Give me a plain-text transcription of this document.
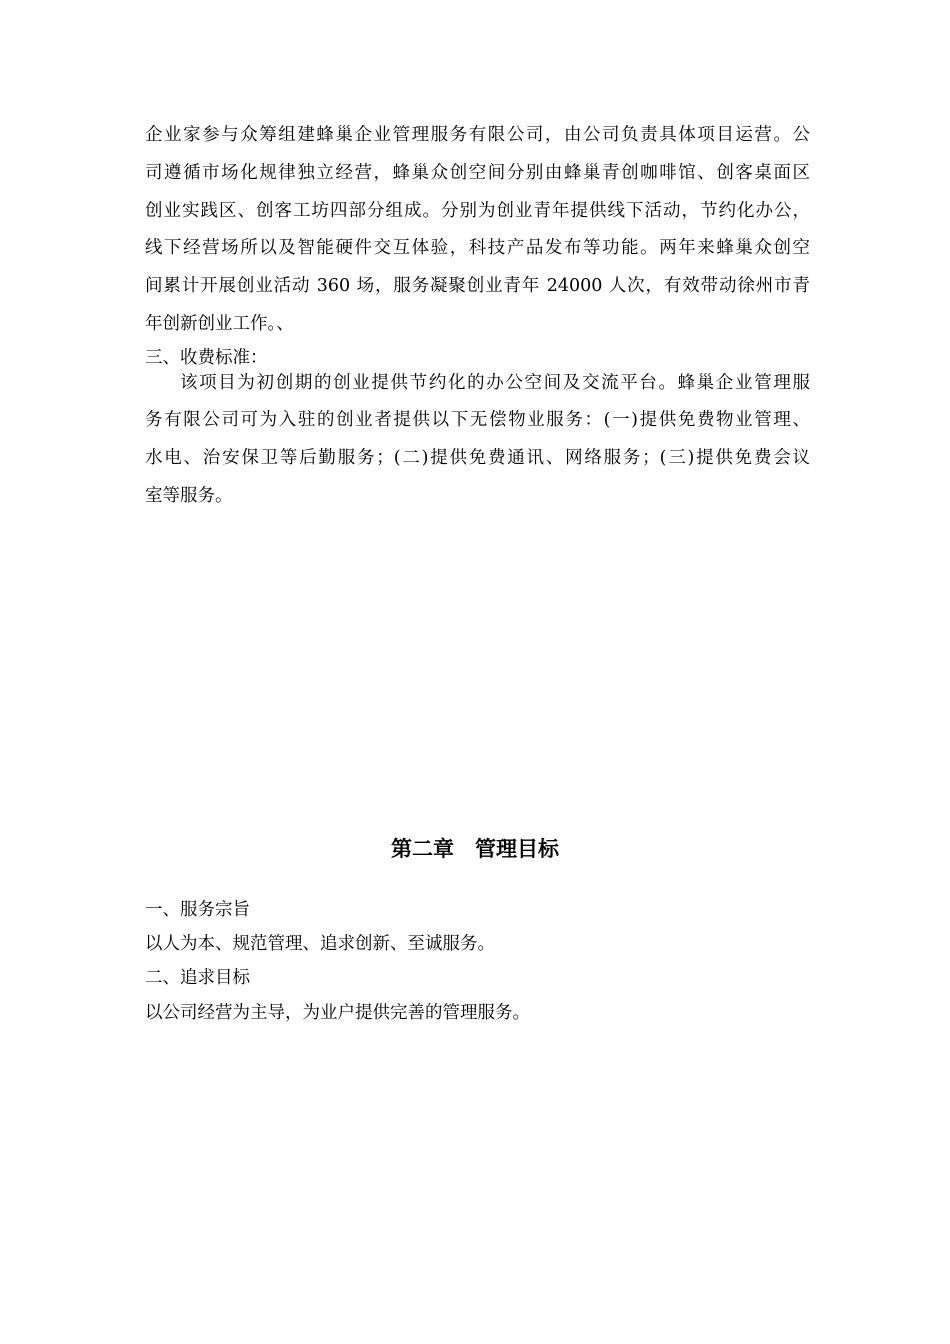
企业家参与众筹组建蜂巢企业管理服务有限公司，由公司负责具体项目运营。公
司遵循市场化规律独立经营，蜂巢众创空间分别由蜂巢青创咖啡馆、创客桌面区
创业实践区、创客工坊四部分组成。分别为创业青年提供线下活动，节约化办公，
线下经营场所以及智能硬件交互体验，科技产品发布等功能。两年来蜂巢众创空
间累计开展创业活动 360 场，服务凝聚创业青年 24000 人次，有效带动徐州市青
年创新创业工作。、
三、收费标准：
该项目为初创期的创业提供节约化的办公空间及交流平台。蜂巢企业管理服
务有限公司可为入驻的创业者提供以下无偿物业服务：(一)提供免费物业管理、
水电、治安保卫等后勤服务；(二)提供免费通讯、网络服务；(三)提供免费会议
室等服务。
第二章　管理目标
一、服务宗旨
以人为本、规范管理、追求创新、至诚服务。
二、追求目标
以公司经营为主导，为业户提供完善的管理服务。
